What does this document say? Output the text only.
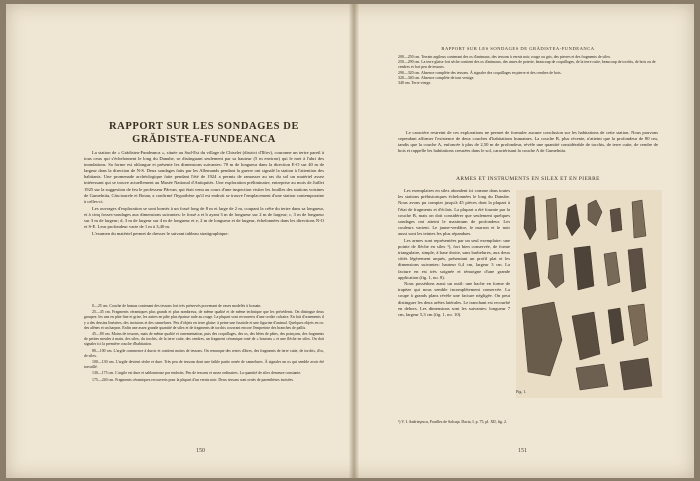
RAPPORT SUR LES SONDAGES DE
GRĂDISTEA-FUNDEANCA

La station de « Grădistea-Fundeanca », située au Sud-Est du village de Chiselet (district d'Ilfov), couronne un tertre pareil à tous ceux qui s'échelonnent le long du Danube, se distinguant seulement par sa hauteur (5 m environ) qui le met à l'abri des inondations. Sa forme est oblongue et présente les dimensions suivantes: 70 m de longueur dans la direction E-O sur 40 m de largeur dans la direction de N-S. Deux sondages faits par les Allemands pendant la guerre ont signalé la station à l'attention des habitants. Une promenade archéologique faite pendant l'été de 1924 a permis de ramasser au ras du sol un matériel assez intéressant qui se trouve actuellement au Musée National d'Antiquités. Une exploration préliminaire, entreprise au mois de Juillet 1925 sur la suggestion de feu le professeur Pârvan, qui était venu au cours d'une inspection visiter les fouilles des stations voisines de Gumelnita, Căscioarele et Boian, a confirmé l'hypothèse qu'il est endroit se trouve l'emplacement d'une station contemporaine à celles-ci.

Les ouvrages d'exploration se sont bornés à un fossé long de 8 m et large de 2 m, coupant la crête du tertre dans sa longueur, et à cinq fosses-sondages aux dimensions suivantes: le fossé a et b ayant 3 m de longueur sur 2 m de largeur; c, 3 m de longueur sur 3 m de largeur; d, 3 m de largeur sur 4 m de longueur et e, 2 m de longueur et de largeur, échelonnées dans les directions N-O et S-E. Leur profondeur varie de 1 m à 3,40 m.

L'examen du matériel permet de dresser le suivant tableau stratigraphique:

0—25 cm. Couche de humus contenant des tessons fort très préservés provenant de vases modelés à la main.

25—45 cm. Fragments céramiques plus grands et plus nombreux, de même qualité et de même technique que les précédents. On distingue deux groupes: les uns en pâte fine et grise, les autres en pâte plus épaisse rude au rouge. La plupart sont recouverts d'une croûte calcaire. En fait d'ornements il y a des dessins linéaires, des incisions et des cannelures. Peu d'objets en terre glaise: à peine une fusaïole et une figurine d'animal. Quelques objets en os: des alênes et un harpon. Enfin une assez grande quantité de silex et de fragments de torchis couvrant encore l'empreinte des branches de pallis.

45—80 cm. Moins de tessons, mais de même qualité et ornementation, puis des coquillages, des os, des bêtes de pâtes, des poinçons, des fragments de petites meules à main, des silex, du torchis, de la terre cuite, des cendres, un fragment céramique orné de « boutons » et une flèche en silex. On doit signaler ici la première couche d'habitation.

80—100 cm. L'argile commence à durcir et contient moins de tessons. On remarque des restes d'âtres, des fragments de terre cuite, de torchis, d'os, de silex.

100—130 cm. L'argile devient sèche et dure. Très peu de tessons dont une faible partie ornée de cannelures. À signaler un os qui semble avoir été travaillé.

130—175 cm. L'argile est dure et sablonneuse par endroits. Peu de tessons et assez ordinaires. La quantité de silex demeure constante.

175—240 cm. Fragments céramiques recouverts pour la plupart d'un vernis noir. Deux tessons sont ornés de parenthèses incisées.

150
RAPPORT SUR LES SONDAGES DE GRĂDISTEA-FUNDEANCA

200—250 cm. Terrain argileux contenant des os d'animaux, des tessons à vernis noir, rouge ou gris, des pierres et des fragments de silex.

250—290 cm. La terre glaise fort sèche contient des os d'animaux, des anses de poterie, beaucoup de coquillages, de la terre cuite, beaucoup de torchis, de bois ou de cendres et fort peu de tessons.

290—320 cm. Absence complète des tessons. À signaler des coquillages en pierre et des cendres de bois.

320—340 cm. Absence complète de tout vestige.

340 cm. Terre vierge.

Le caractère restreint de ces explorations ne permet de formuler aucune conclusion sur les habitations de cette station. Nous pouvons cependant affirmer l'existence de deux couches d'habitations humaines. La couche B, plus récente, n'atteint que la profondeur de 80 cm, tandis que la couche A, enfoncée à plus de 2,50 m de profondeur, révèle une quantité considérable de torchis, de terre cuite, de cendre de bois et rappelle les habitations creusées dans le sol, caractérisant la couche A de Gumelnita.

ARMES ET INSTRUMENTS EN SILEX ET EN PIERRE

Les exemplaires en silex abondent ici comme dans toutes les stations préhistoriques échelonnées le long du Danube. Nous avons pu compter jusqu'à 45 pièces dont la plupart à l'état de fragments et d'éclats. La plupart a été fournie par la couche B, mais on doit considérer que seulement quelques sondages ont atteint le maximum de profondeur. Les couleurs varient. Le jaune-verdâtre, le marron et le noir aussi sont les teintes les plus répandues.

Les armes sont représentées par un seul exemplaire: une pointe de flèche en silex ¹), fort bien conservée, de forme triangulaire, simple, à base droite, sans barbelures, aux deux côtés légèrement arqués, présentant un profil plat et les dimensions suivantes: hauteur 6,4 cm, largeur 3 cm. La facture en est très soignée et témoigne d'une grande application (fig. 1, no. 8).

Nous possédons aussi un outil: une hache en forme de trapèze qui nous semble incomplètement conservée. La coupe à grands plans révèle une facture négligée. On peut distinguer les deux arêtes latérales. Le tranchant est recourbé en dehors. Les dimensions sont les suivantes: longueur 7 cm, largeur 5,3 cm (fig. 1, no. 10).

Fig. 1.
¹) V. I. Andrieşescu, Fouilles de Salcuţa. Dacia, I. p. 75, pl. XII, fig. 2.
151
